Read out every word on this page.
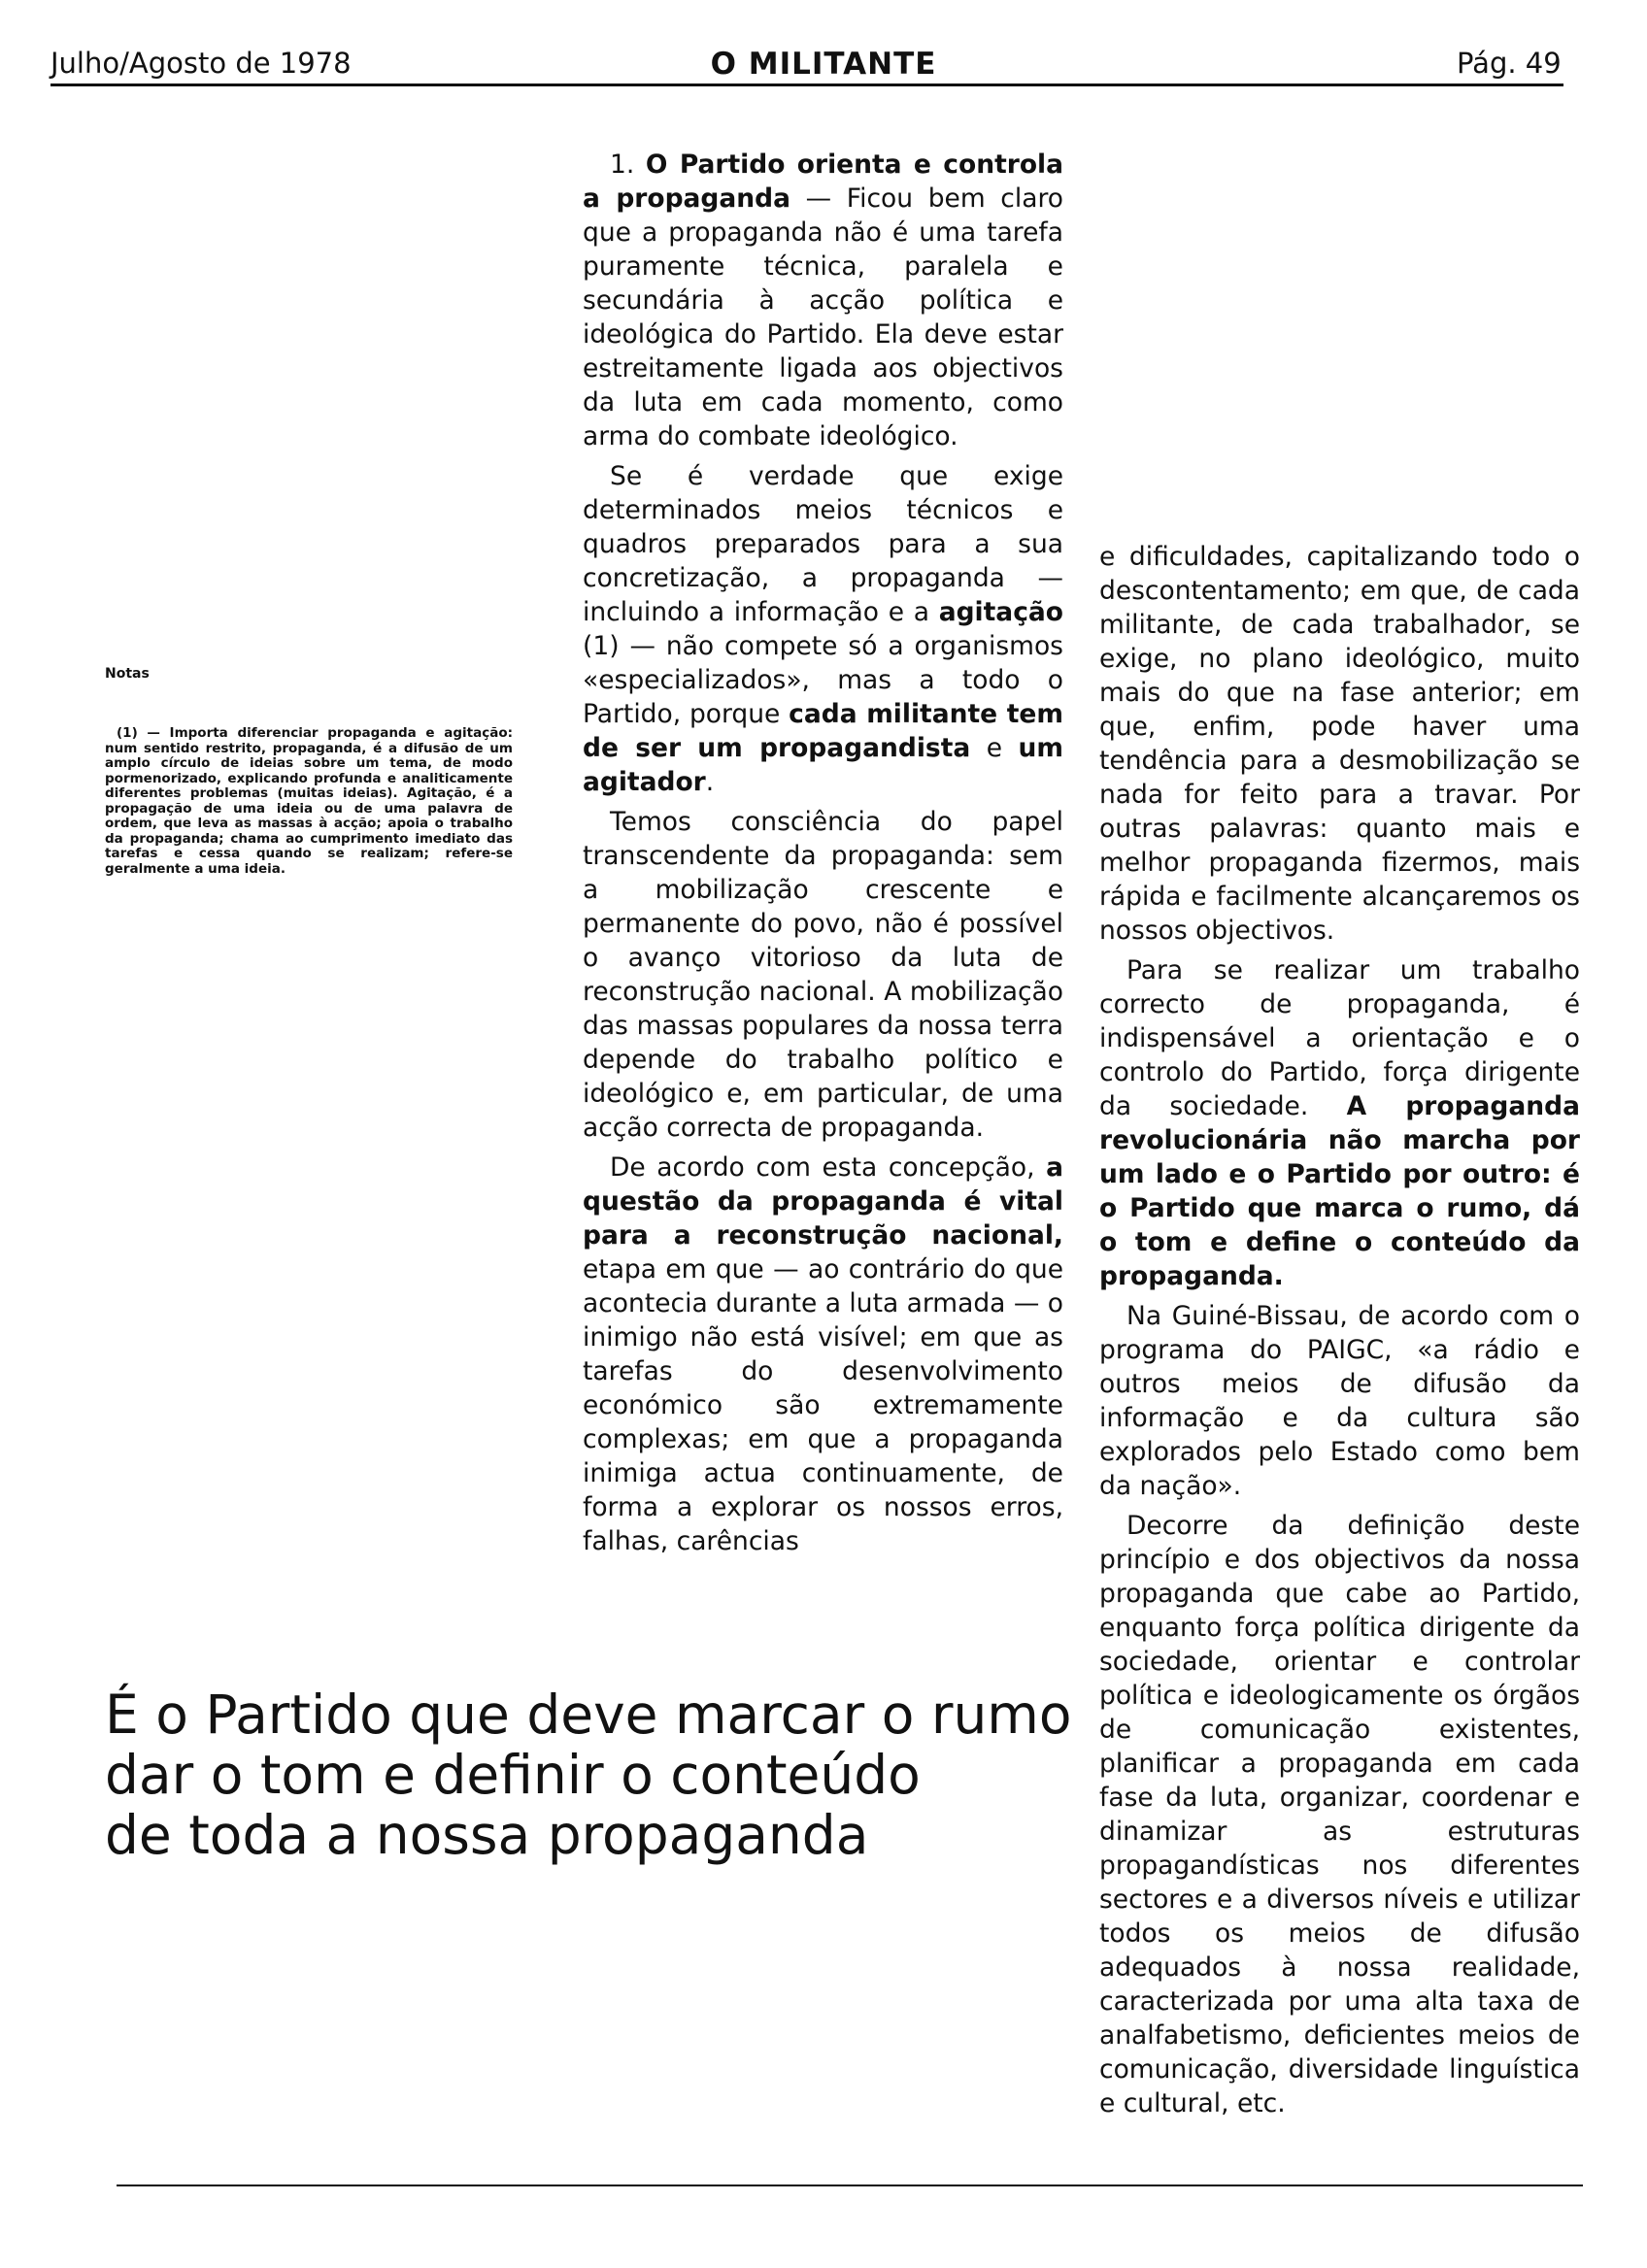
Julho/Agosto de 1978	O MILITANTE	Pág. 49
Notas
(1) — Importa diferenciar propaganda e agitação: num sentido restrito, propaganda, é a difusão de um amplo círculo de ideias sobre um tema, de modo pormenorizado, explicando profunda e analiticamente diferentes problemas (muitas ideias). Agitação, é a propagação de uma ideia ou de uma palavra de ordem, que leva as massas à acção; apoia o trabalho da propaganda; chama ao cumprimento imediato das tarefas e cessa quando se realizam; refere-se geralmente a uma ideia.

1. O Partido orienta e controla a propaganda — Ficou bem claro que a propaganda não é uma tarefa puramente técnica, paralela e secundária à acção política e ideológica do Partido. Ela deve estar estreitamente ligada aos objectivos da luta em cada momento, como arma do combate ideológico.

Se é verdade que exige determinados meios técnicos e quadros preparados para a sua concretização, a propaganda — incluindo a informação e a agitação (1) — não compete só a organismos «especializados», mas a todo o Partido, porque cada militante tem de ser um propagandista e um agitador.

Temos consciência do papel transcendente da propaganda: sem a mobilização crescente e permanente do povo, não é possível o avanço vitorioso da luta de reconstrução nacional. A mobilização das massas populares da nossa terra depende do trabalho político e ideológico e, em particular, de uma acção correcta de propaganda.

De acordo com esta concepção, a questão da propaganda é vital para a reconstrução nacional, etapa em que — ao contrário do que acontecia durante a luta armada — o inimigo não está visível; em que as tarefas do desenvolvimento económico são extremamente complexas; em que a propaganda inimiga actua continuamente, de forma a explorar os nossos erros, falhas, carências

e dificuldades, capitalizando todo o descontentamento; em que, de cada militante, de cada trabalhador, se exige, no plano ideológico, muito mais do que na fase anterior; em que, enfim, pode haver uma tendência para a desmobilização se nada for feito para a travar. Por outras palavras: quanto mais e melhor propaganda fizermos, mais rápida e facilmente alcançaremos os nossos objectivos.

Para se realizar um trabalho correcto de propaganda, é indispensável a orientação e o controlo do Partido, força dirigente da sociedade. A propaganda revolucionária não marcha por um lado e o Partido por outro: é o Partido que marca o rumo, dá o tom e define o conteúdo da propaganda.

Na Guiné-Bissau, de acordo com o programa do PAIGC, «a rádio e outros meios de difusão da informação e da cultura são explorados pelo Estado como bem da nação».

Decorre da definição deste princípio e dos objectivos da nossa propaganda que cabe ao Partido, enquanto força política dirigente da sociedade, orientar e controlar política e ideologicamente os órgãos de comunicação existentes, planificar a propaganda em cada fase da luta, organizar, coordenar e dinamizar as estruturas propagandísticas nos diferentes sectores e a diversos níveis e utilizar todos os meios de difusão adequados à nossa realidade, caracterizada por uma alta taxa de analfabetismo, deficientes meios de comunicação, diversidade linguística e cultural, etc.

É o Partido que deve marcar o rumo
dar o tom e definir o conteúdo
de toda a nossa propaganda
